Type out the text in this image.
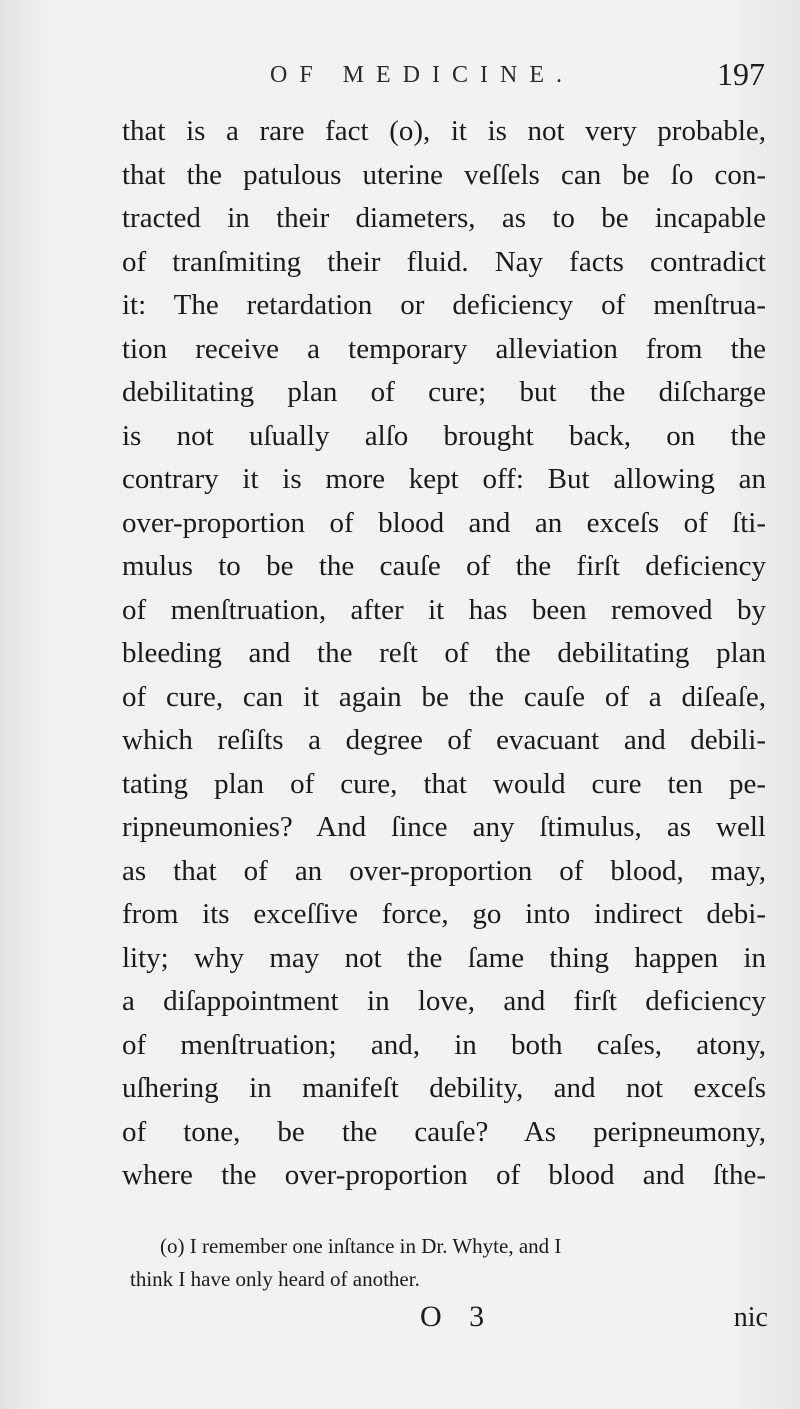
OF MEDICINE.	197
that is a rare fact (o), it is not very probable,
that the patulous uterine veſſels can be ſo con-
tracted in their diameters, as to be incapable
of tranſmiting their fluid. Nay facts contradict
it: The retardation or deficiency of menſtrua-
tion receive a temporary alleviation from the
debilitating plan of cure; but the diſcharge
is not uſually alſo brought back, on the
contrary it is more kept off: But allowing an
over-proportion of blood and an exceſs of ſti-
mulus to be the cauſe of the firſt deficiency
of menſtruation, after it has been removed by
bleeding and the reſt of the debilitating plan
of cure, can it again be the cauſe of a diſeaſe,
which reſiſts a degree of evacuant and debili-
tating plan of cure, that would cure ten pe-
ripneumonies? And ſince any ſtimulus, as well
as that of an over-proportion of blood, may,
from its exceſſive force, go into indirect debi-
lity; why may not the ſame thing happen in
a diſappointment in love, and firſt deficiency
of menſtruation; and, in both caſes, atony,
uſhering in manifeſt debility, and not exceſs
of tone, be the cauſe? As peripneumony,
where the over-proportion of blood and ſthe-
(o) I remember one inſtance in Dr. Whyte, and I
think I have only heard of another.
O 3	nic
